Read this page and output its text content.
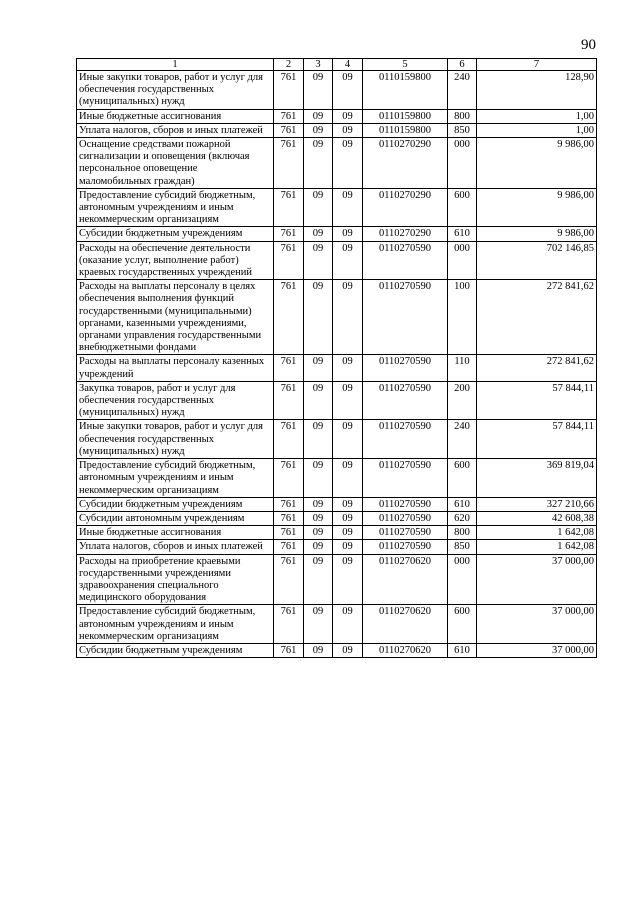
90
1	2	3	4	5	6	7
Иные закупки товаров, работ и услуг для обеспечения государственных (муниципальных) нужд	761	09	09	0110159800	240	128,90
Иные бюджетные ассигнования	761	09	09	0110159800	800	1,00
Уплата налогов, сборов и иных платежей	761	09	09	0110159800	850	1,00
Оснащение средствами пожарной сигнализации и оповещения (включая персональное оповещение маломобильных граждан)	761	09	09	0110270290	000	9 986,00
Предоставление субсидий бюджетным, автономным учреждениям и иным некоммерческим организациям	761	09	09	0110270290	600	9 986,00
Субсидии бюджетным учреждениям	761	09	09	0110270290	610	9 986,00
Расходы на обеспечение деятельности (оказание услуг, выполнение работ) краевых государственных учреждений	761	09	09	0110270590	000	702 146,85
Расходы на выплаты персоналу в целях обеспечения выполнения функций государственными (муниципальными) органами, казенными учреждениями, органами управления государственными внебюджетными фондами	761	09	09	0110270590	100	272 841,62
Расходы на выплаты персоналу казенных учреждений	761	09	09	0110270590	110	272 841,62
Закупка товаров, работ и услуг для обеспечения государственных (муниципальных) нужд	761	09	09	0110270590	200	57 844,11
Иные закупки товаров, работ и услуг для обеспечения государственных (муниципальных) нужд	761	09	09	0110270590	240	57 844,11
Предоставление субсидий бюджетным, автономным учреждениям и иным некоммерческим организациям	761	09	09	0110270590	600	369 819,04
Субсидии бюджетным учреждениям	761	09	09	0110270590	610	327 210,66
Субсидии автономным учреждениям	761	09	09	0110270590	620	42 608,38
Иные бюджетные ассигнования	761	09	09	0110270590	800	1 642,08
Уплата налогов, сборов и иных платежей	761	09	09	0110270590	850	1 642,08
Расходы на приобретение краевыми государственными учреждениями здравоохранения специального медицинского оборудования	761	09	09	0110270620	000	37 000,00
Предоставление субсидий бюджетным, автономным учреждениям и иным некоммерческим организациям	761	09	09	0110270620	600	37 000,00
Субсидии бюджетным учреждениям	761	09	09	0110270620	610	37 000,00
